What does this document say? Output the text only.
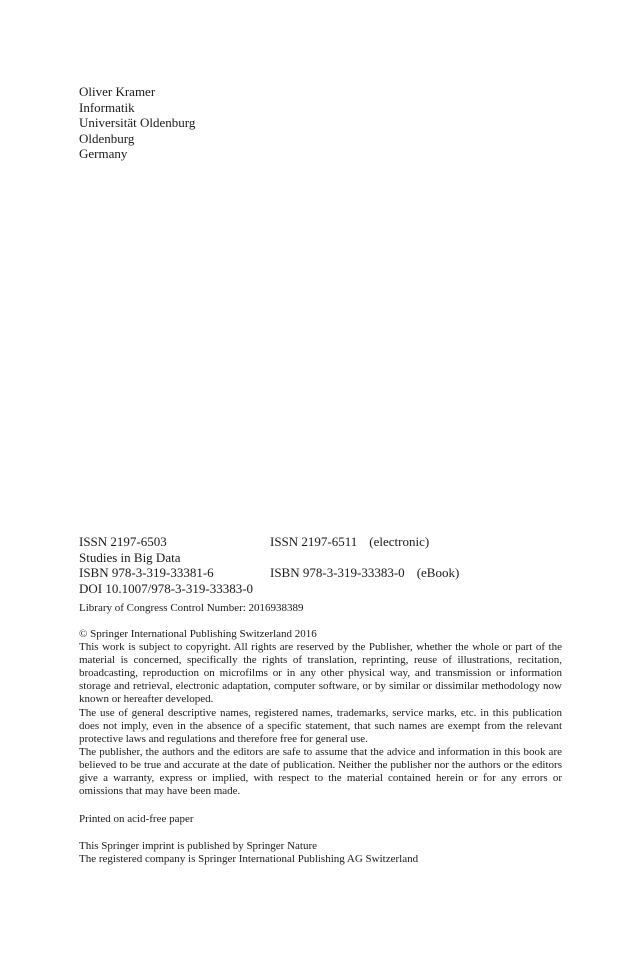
Oliver Kramer
Informatik
Universität Oldenburg
Oldenburg
Germany
ISSN 2197-6503	ISSN 2197-6511 (electronic)
Studies in Big Data
ISBN 978-3-319-33381-6	ISBN 978-3-319-33383-0 (eBook)
DOI 10.1007/978-3-319-33383-0
Library of Congress Control Number: 2016938389
© Springer International Publishing Switzerland 2016

This work is subject to copyright. All rights are reserved by the Publisher, whether the whole or part of the material is concerned, specifically the rights of translation, reprinting, reuse of illustrations, recitation, broadcasting, reproduction on microfilms or in any other physical way, and transmission or information storage and retrieval, electronic adaptation, computer software, or by similar or dissimilar methodology now known or hereafter developed.

The use of general descriptive names, registered names, trademarks, service marks, etc. in this publication does not imply, even in the absence of a specific statement, that such names are exempt from the relevant protective laws and regulations and therefore free for general use.

The publisher, the authors and the editors are safe to assume that the advice and information in this book are believed to be true and accurate at the date of publication. Neither the publisher nor the authors or the editors give a warranty, express or implied, with respect to the material contained herein or for any errors or omissions that may have been made.

Printed on acid-free paper
This Springer imprint is published by Springer Nature
The registered company is Springer International Publishing AG Switzerland
